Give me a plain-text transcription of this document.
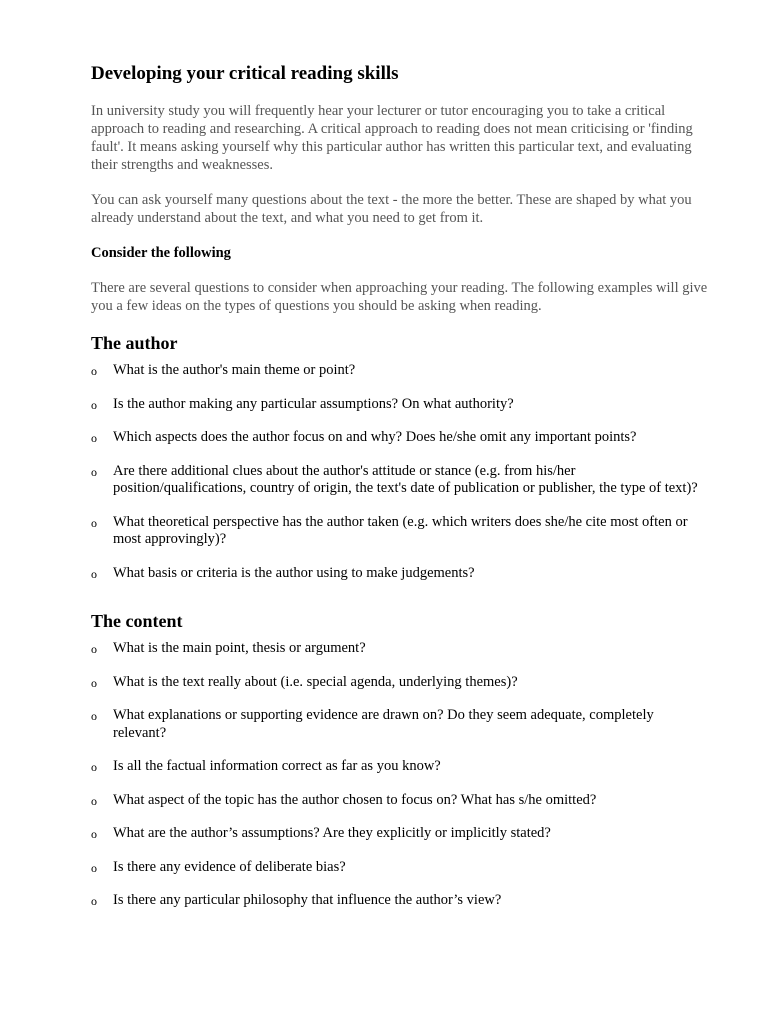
Developing your critical reading skills

In university study you will frequently hear your lecturer or tutor encouraging you to take a critical approach to reading and researching. A critical approach to reading does not mean criticising or 'finding fault'. It means asking yourself why this particular author has written this particular text, and evaluating their strengths and weaknesses.

You can ask yourself many questions about the text - the more the better. These are shaped by what you already understand about the text, and what you need to get from it.

Consider the following

There are several questions to consider when approaching your reading. The following examples will give you a few ideas on the types of questions you should be asking when reading.

The author
o What is the author's main theme or point?
o Is the author making any particular assumptions? On what authority?
o Which aspects does the author focus on and why? Does he/she omit any important points?
o Are there additional clues about the author's attitude or stance (e.g. from his/her position/qualifications, country of origin, the text's date of publication or publisher, the type of text)?
o What theoretical perspective has the author taken (e.g. which writers does she/he cite most often or most approvingly)?
o What basis or criteria is the author using to make judgements?
The content
o What is the main point, thesis or argument?
o What is the text really about (i.e. special agenda, underlying themes)?
o What explanations or supporting evidence are drawn on? Do they seem adequate, completely relevant?
o Is all the factual information correct as far as you know?
o What aspect of the topic has the author chosen to focus on? What has s/he omitted?
o What are the author’s assumptions? Are they explicitly or implicitly stated?
o Is there any evidence of deliberate bias?
o Is there any particular philosophy that influence the author’s view?
